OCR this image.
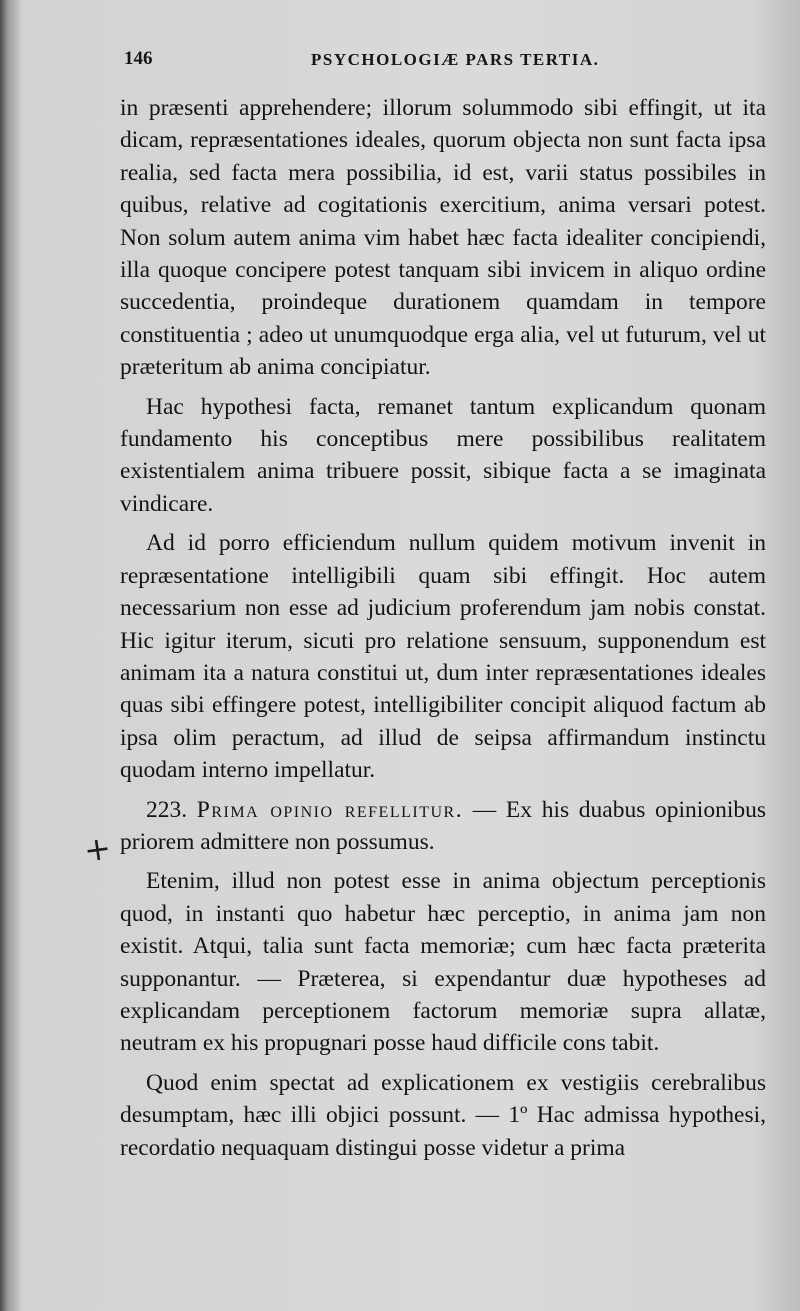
146	PSYCHOLOGIÆ PARS TERTIA.
+

in præsenti apprehendere; illorum solummodo sibi effingit, ut ita dicam, repræsentationes ideales, quorum objecta non sunt facta ipsa realia, sed facta mera possibilia, id est, varii status possibiles in quibus, relative ad cogitationis exercitium, anima versari potest. Non solum autem anima vim habet hæc facta idealiter concipiendi, illa quoque concipere potest tanquam sibi invicem in aliquo ordine succedentia, proindeque durationem quamdam in tempore constituentia ; adeo ut unumquodque erga alia, vel ut futurum, vel ut præteritum ab anima concipiatur.

Hac hypothesi facta, remanet tantum explicandum quonam fundamento his conceptibus mere possibilibus realitatem existentialem anima tribuere possit, sibique facta a se imaginata vindicare.

Ad id porro efficiendum nullum quidem motivum invenit in repræsentatione intelligibili quam sibi effingit. Hoc autem necessarium non esse ad judicium proferendum jam nobis constat. Hic igitur iterum, sicuti pro relatione sensuum, supponendum est animam ita a natura constitui ut, dum inter repræsentationes ideales quas sibi effingere potest, intelligibiliter concipit aliquod factum ab ipsa olim peractum, ad illud de seipsa affirmandum instinctu quodam interno impellatur.

223. Prima opinio refellitur. — Ex his duabus opinionibus priorem admittere non possumus.

Etenim, illud non potest esse in anima objectum perceptionis quod, in instanti quo habetur hæc perceptio, in anima jam non existit. Atqui, talia sunt facta memoriæ; cum hæc facta præterita supponantur. — Præterea, si expendantur duæ hypotheses ad explicandam perceptionem factorum memoriæ supra allatæ, neutram ex his propugnari posse haud difficile cons tabit.

Quod enim spectat ad explicationem ex vestigiis cerebralibus desumptam, hæc illi objici possunt. — 1º Hac admissa hypothesi, recordatio nequaquam distingui posse videtur a prima
